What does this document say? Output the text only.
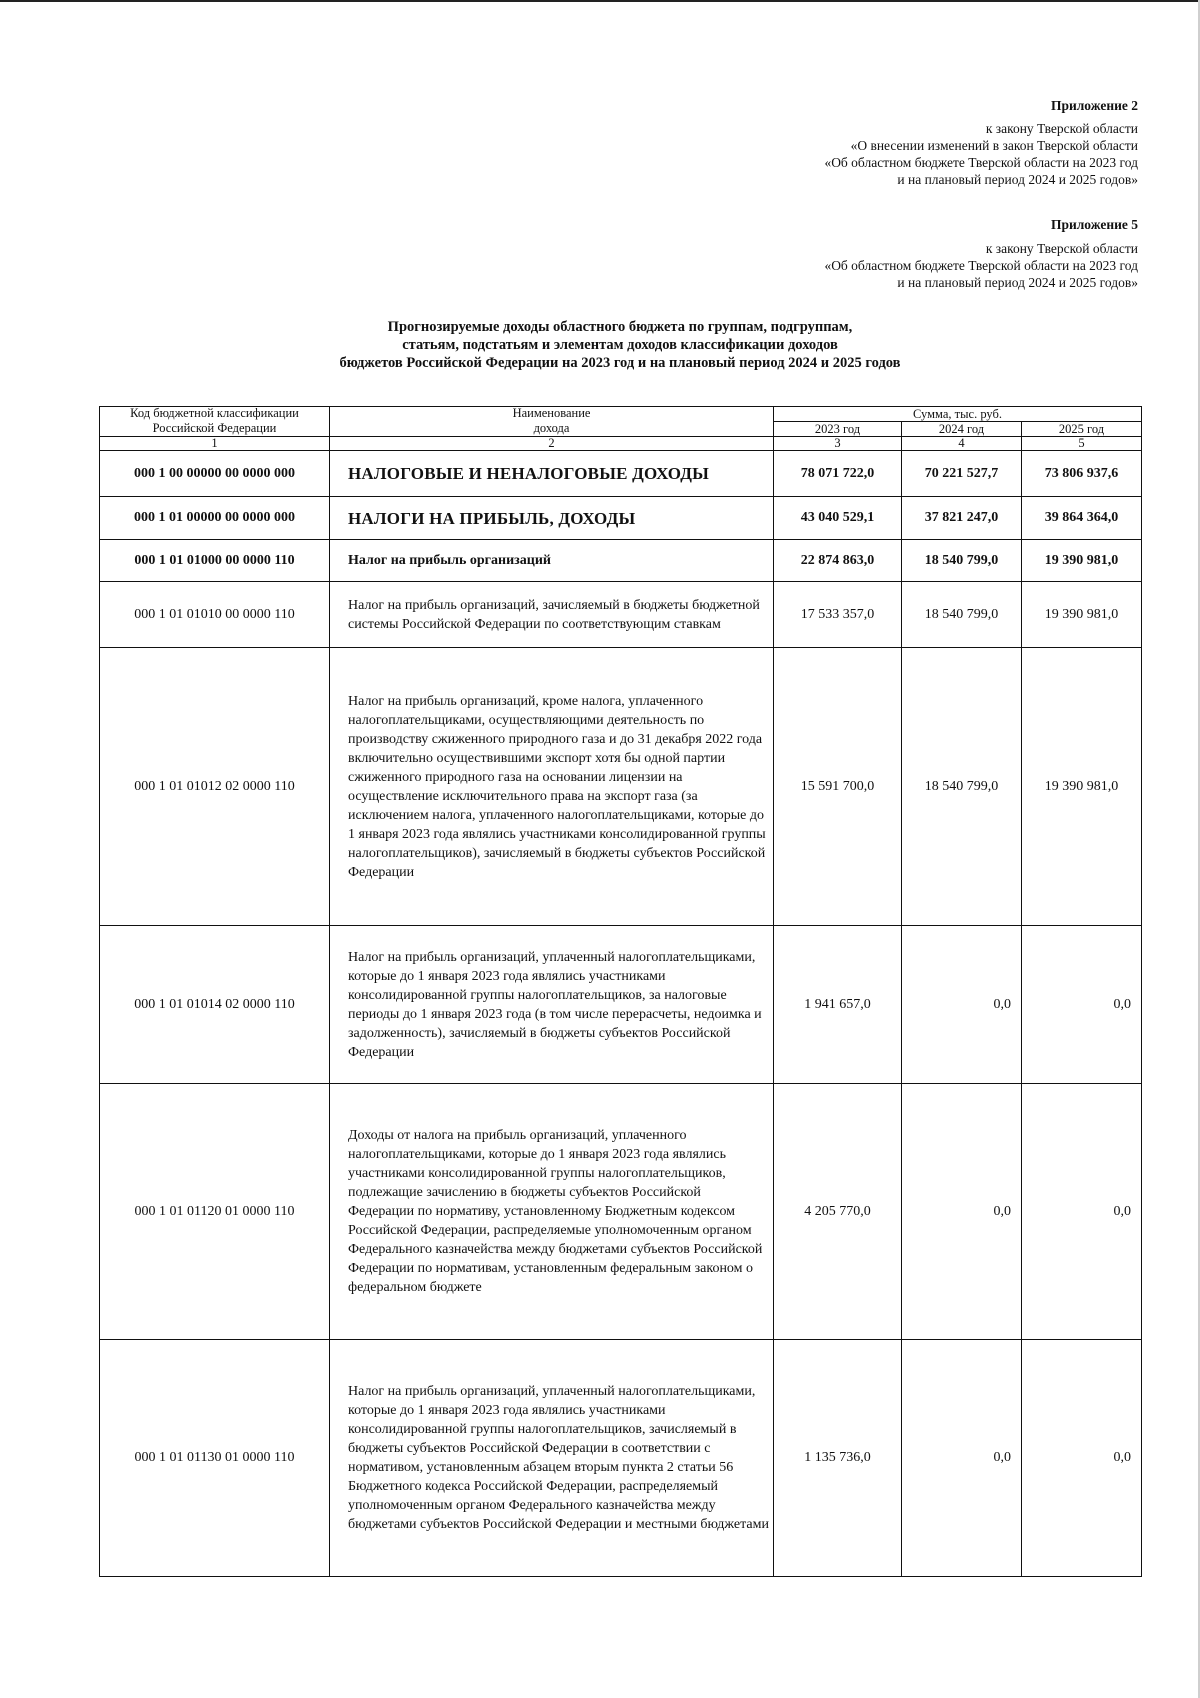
Приложение 2
к закону Тверской области
«О внесении изменений в закон Тверской области
«Об областном бюджете Тверской области на 2023 год
и на плановый период 2024 и 2025 годов»
Приложение 5
к закону Тверской области
«Об областном бюджете Тверской области на 2023 год
и на плановый период 2024 и 2025 годов»
Прогнозируемые доходы областного бюджета по группам, подгруппам,
статьям, подстатьям и элементам доходов классификации доходов
бюджетов Российской Федерации на 2023 год и на плановый период 2024 и 2025 годов
Код бюджетной классификации	Наименование	Сумма, тыс. руб.		
Российской Федерации	дохода	2023 год	2024 год	2025 год
1	2	3	4	5
000 1 00 00000 00 0000 000	НАЛОГОВЫЕ И НЕНАЛОГОВЫЕ ДОХОДЫ	78 071 722,0	70 221 527,7	73 806 937,6
000 1 01 00000 00 0000 000	НАЛОГИ НА ПРИБЫЛЬ, ДОХОДЫ	43 040 529,1	37 821 247,0	39 864 364,0
000 1 01 01000 00 0000 110	Налог на прибыль организаций	22 874 863,0	18 540 799,0	19 390 981,0
000 1 01 01010 00 0000 110	Налог на прибыль организаций, зачисляемый в бюджеты бюджетной системы Российской Федерации по соответствующим ставкам	17 533 357,0	18 540 799,0	19 390 981,0
000 1 01 01012 02 0000 110	Налог на прибыль организаций, кроме налога, уплаченного налогоплательщиками, осуществляющими деятельность по производству сжиженного природного газа и до 31 декабря 2022 года включительно осуществившими экспорт хотя бы одной партии сжиженного природного газа на основании лицензии на осуществление исключительного права на экспорт газа (за исключением налога, уплаченного налогоплательщиками, которые до 1 января 2023 года являлись участниками консолидированной группы налогоплательщиков), зачисляемый в бюджеты субъектов Российской Федерации	15 591 700,0	18 540 799,0	19 390 981,0
000 1 01 01014 02 0000 110	Налог на прибыль организаций, уплаченный налогоплательщиками, которые до 1 января 2023 года являлись участниками консолидированной группы налогоплательщиков, за налоговые периоды до 1 января 2023 года (в том числе перерасчеты, недоимка и задолженность), зачисляемый в бюджеты субъектов Российской Федерации	1 941 657,0	0,0	0,0
000 1 01 01120 01 0000 110	Доходы от налога на прибыль организаций, уплаченного налогоплательщиками, которые до 1 января 2023 года являлись участниками консолидированной группы налогоплательщиков, подлежащие зачислению в бюджеты субъектов Российской Федерации по нормативу, установленному Бюджетным кодексом Российской Федерации, распределяемые уполномоченным органом Федерального казначейства между бюджетами субъектов Российской Федерации по нормативам, установленным федеральным законом о федеральном бюджете	4 205 770,0	0,0	0,0
000 1 01 01130 01 0000 110	Налог на прибыль организаций, уплаченный налогоплательщиками, которые до 1 января 2023 года являлись участниками консолидированной группы налогоплательщиков, зачисляемый в бюджеты субъектов Российской Федерации в соответствии с нормативом, установленным абзацем вторым пункта 2 статьи 56 Бюджетного кодекса Российской Федерации, распределяемый уполномоченным органом Федерального казначейства между бюджетами субъектов Российской Федерации и местными бюджетами	1 135 736,0	0,0	0,0
